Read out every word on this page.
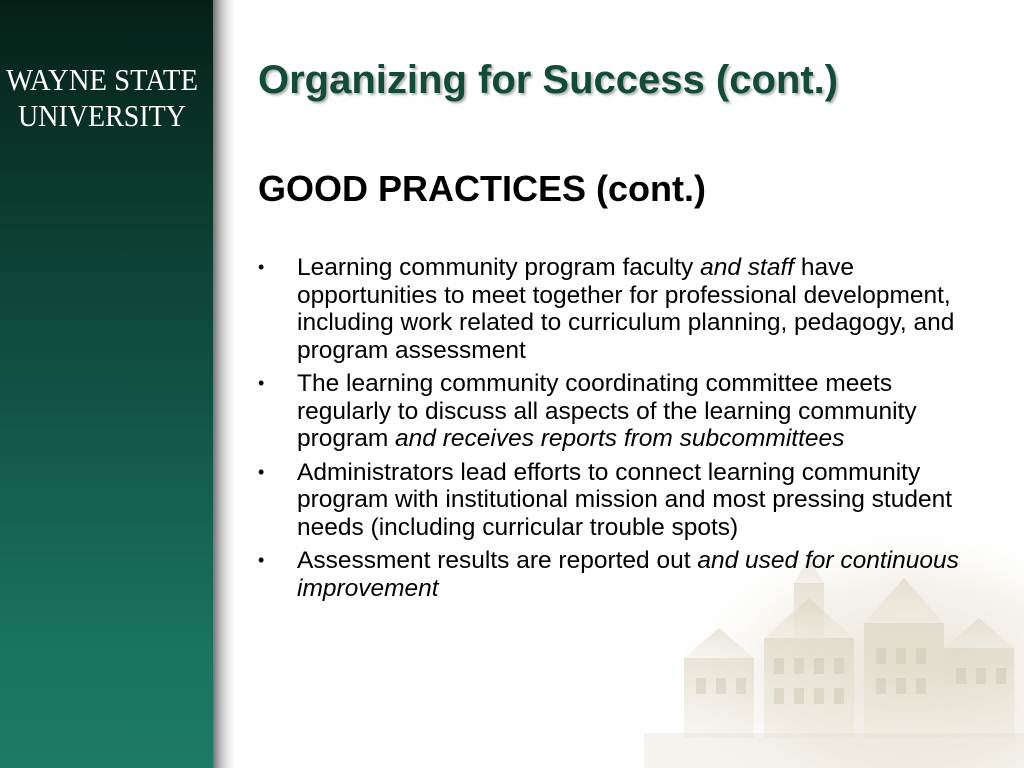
WAYNE STATE
UNIVERSITY
Organizing for Success (cont.)
GOOD PRACTICES (cont.)
• Learning community program faculty and staff have opportunities to meet together for professional development, including work related to curriculum planning, pedagogy, and program assessment
• The learning community coordinating committee meets regularly to discuss all aspects of the learning community program and receives reports from subcommittees
• Administrators lead efforts to connect learning community program with institutional mission and most pressing student needs (including curricular trouble spots)
• Assessment results are reported out and used for continuous improvement
